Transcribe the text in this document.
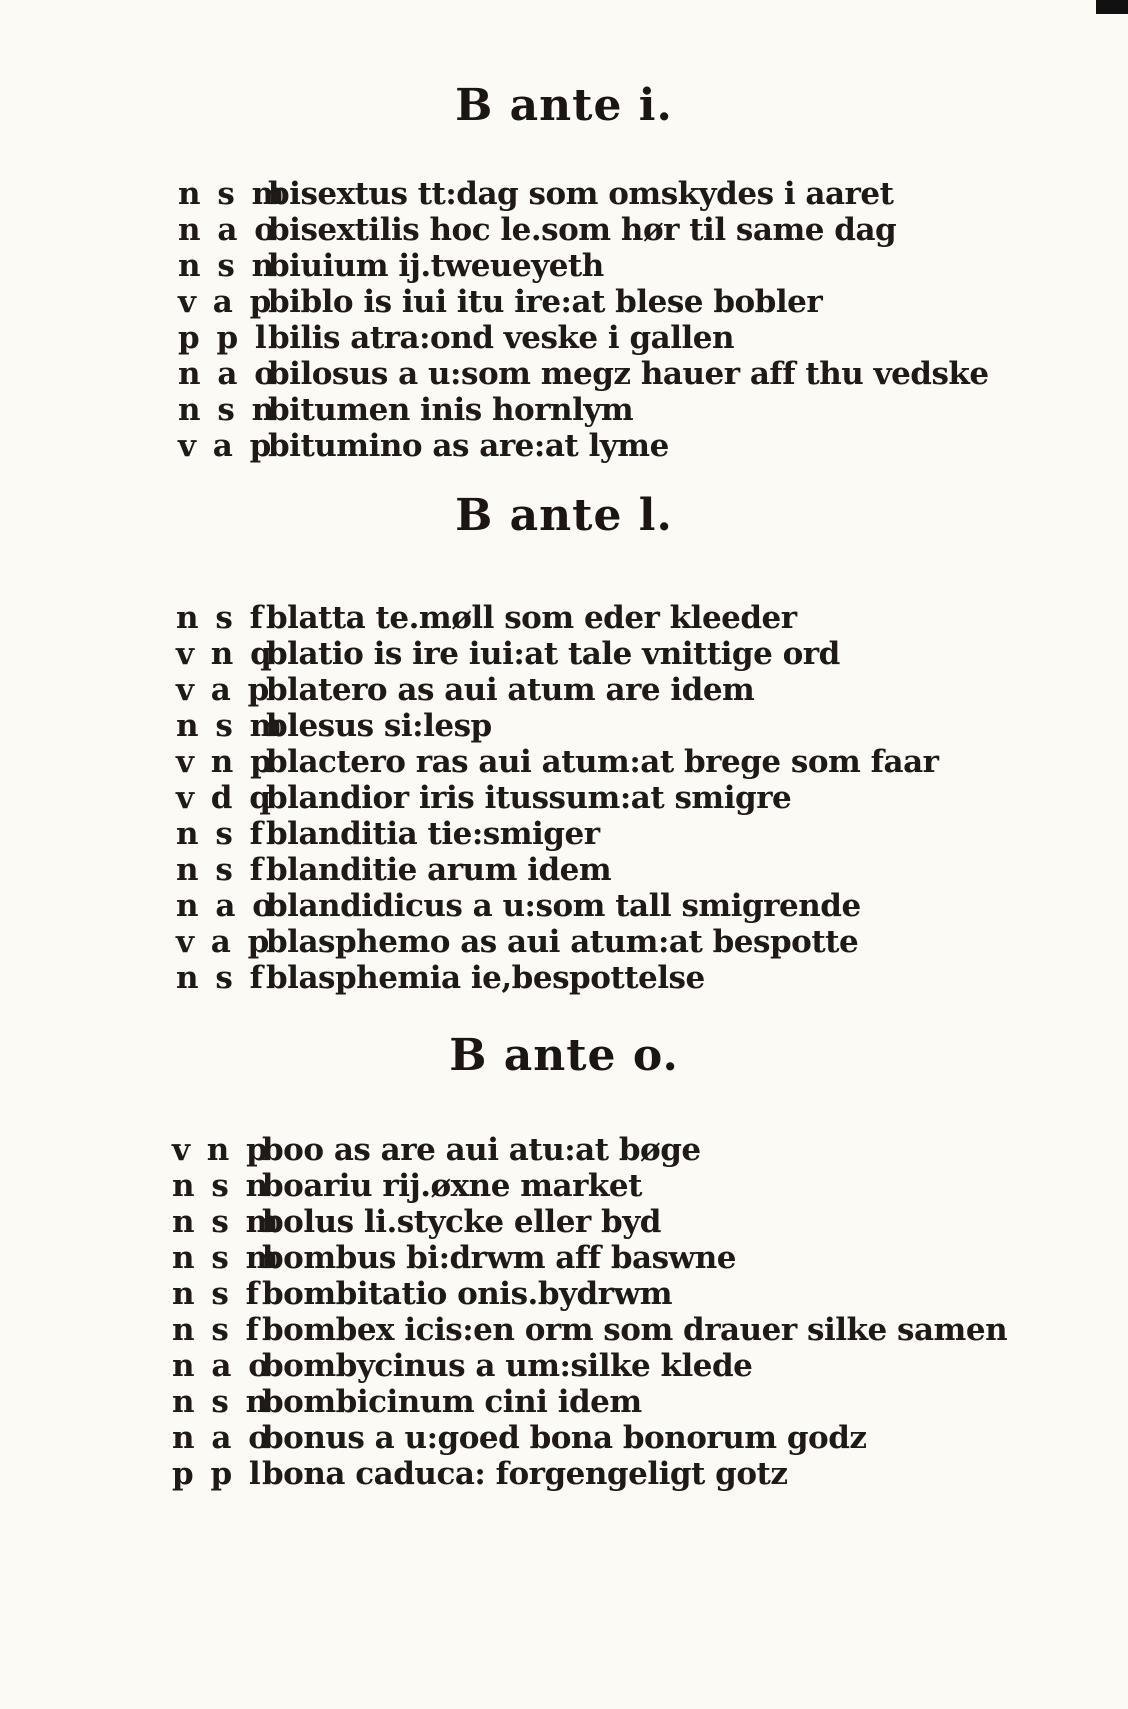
B ante i.
n s m
bisextus tt:dag som omskydes i aaret
n a o
bisextilis hoc le.som hør til same dag
n s n
biuium ij.tweueyeth
v a p
biblo is iui itu ire:at blese bobler
p p l
bilis atra:ond veske i gallen
n a o
bilosus a u:som megz hauer aff thu vedske
n s n
bitumen inis hornlym
v a p
bitumino as are:at lyme
B ante l.
n s f blatta te.møll som eder kleeder
v n q
blatio is ire iui:at tale vnittige ord
v a p
blatero as aui atum are idem
n s m
blesus si:lesp
v n p
blactero ras aui atum:at brege som faar
v d q
blandior iris itussum:at smigre
n s f blanditia tie:smiger
n s f blanditie arum idem
n a o
blandidicus a u:som tall smigrende
v a p
blasphemo as aui atum:at bespotte
n s f blasphemia ie,bespottelse
B ante o.
v n p
boo as are aui atu:at bøge
n s n
boariu rij.øxne market
n s m
bolus li.stycke eller byd
n s m
bombus bi:drwm aff baswne
n s f bombitatio onis.bydrwm
n s f bombex icis:en orm som drauer silke samen
n a o
bombycinus a um:silke klede
n s n
bombicinum cini idem
n a o
bonus a u:goed bona bonorum godz
p p l
bona caduca: forgengeligt gotz
